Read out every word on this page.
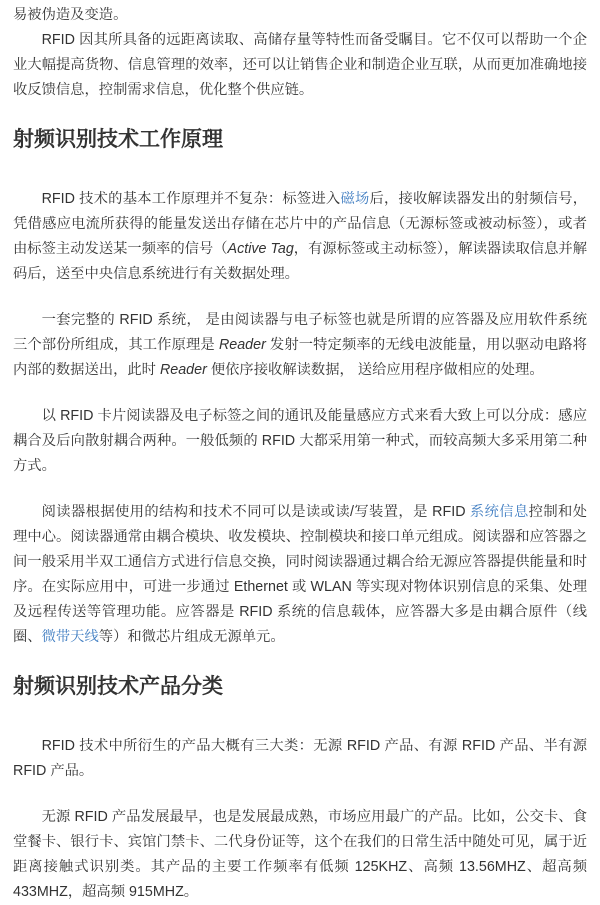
易被伪造及变造。

RFID 因其所具备的远距离读取、高储存量等特性而备受瞩目。它不仅可以帮助一个企业大幅提高货物、信息管理的效率，还可以让销售企业和制造企业互联，从而更加准确地接收反馈信息，控制需求信息，优化整个供应链。

射频识别技术工作原理

RFID 技术的基本工作原理并不复杂：标签进入磁场后，接收解读器发出的射频信号，凭借感应电流所获得的能量发送出存储在芯片中的产品信息（无源标签或被动标签），或者由标签主动发送某一频率的信号（Active Tag，有源标签或主动标签），解读器读取信息并解码后，送至中央信息系统进行有关数据处理。

一套完整的 RFID 系统， 是由阅读器与电子标签也就是所谓的应答器及应用软件系统三个部份所组成，其工作原理是 Reader 发射一特定频率的无线电波能量，用以驱动电路将内部的数据送出，此时 Reader 便依序接收解读数据， 送给应用程序做相应的处理。

以 RFID 卡片阅读器及电子标签之间的通讯及能量感应方式来看大致上可以分成：感应耦合及后向散射耦合两种。一般低频的 RFID 大都采用第一种式，而较高频大多采用第二种方式。

阅读器根据使用的结构和技术不同可以是读或读/写装置，是 RFID 系统信息控制和处理中心。阅读器通常由耦合模块、收发模块、控制模块和接口单元组成。阅读器和应答器之间一般采用半双工通信方式进行信息交换，同时阅读器通过耦合给无源应答器提供能量和时序。在实际应用中，可进一步通过 Ethernet 或 WLAN 等实现对物体识别信息的采集、处理及远程传送等管理功能。应答器是 RFID 系统的信息载体，应答器大多是由耦合原件（线圈、微带天线等）和微芯片组成无源单元。

射频识别技术产品分类

RFID 技术中所衍生的产品大概有三大类：无源 RFID 产品、有源 RFID 产品、半有源 RFID 产品。

无源 RFID 产品发展最早，也是发展最成熟，市场应用最广的产品。比如，公交卡、食堂餐卡、银行卡、宾馆门禁卡、二代身份证等，这个在我们的日常生活中随处可见，属于近距离接触式识别类。其产品的主要工作频率有低频 125KHZ、高频 13.56MHZ、超高频 433MHZ，超高频 915MHZ。
